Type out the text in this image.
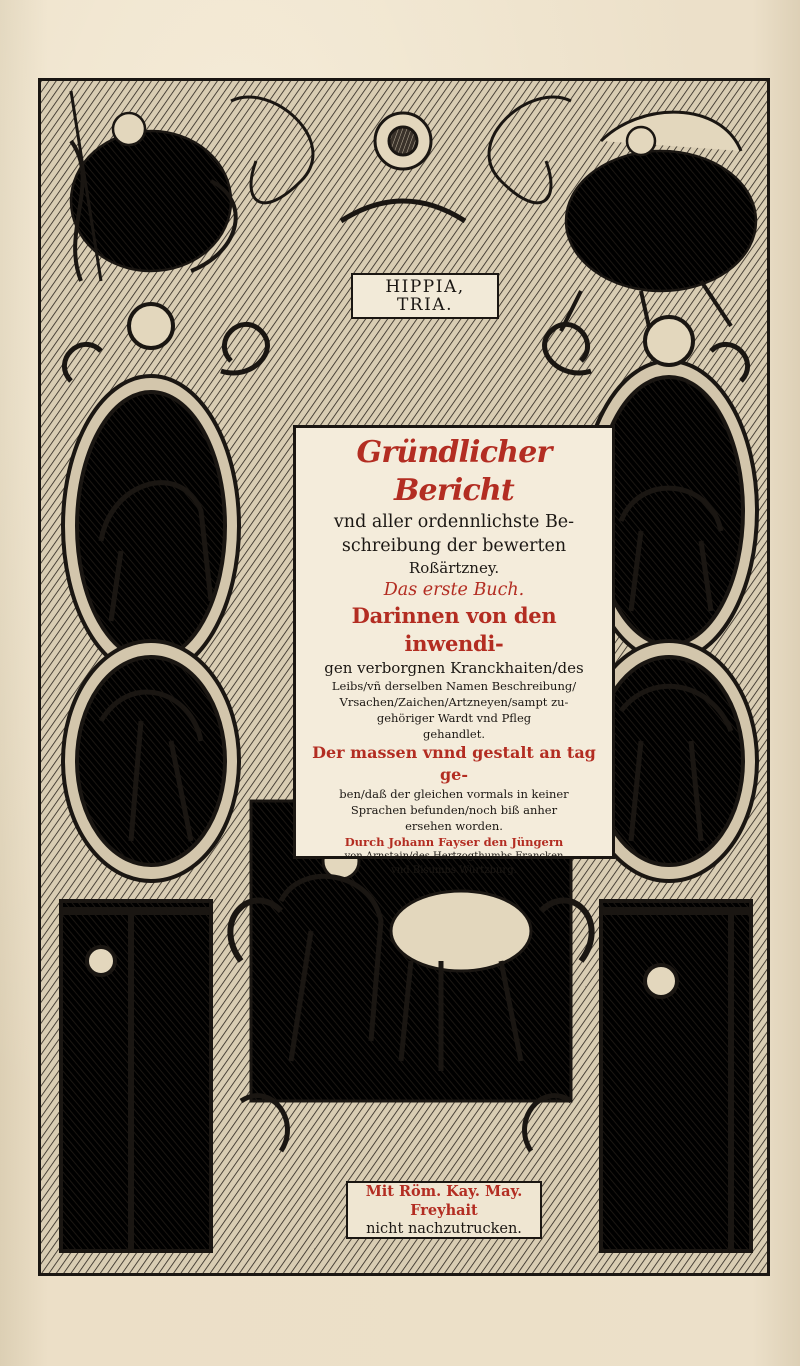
HIPPIA,
TRIA.
Gründlicher Bericht
vnd aller ordennlichste Be-
schreibung der bewerten
Roßärtzney.
Das erste Buch.
Darinnen von den inwendi-
gen verborgnen Kranckhaiten/des
Leibs/vñ derselben Namen Beschreibung/
Vrsachen/Zaichen/Artzneyen/sampt zu-
gehöriger Wardt vnd Pfleg
gehandlet.
Der massen vnnd gestalt an tag ge-
ben/daß der gleichen vormals in keiner
Sprachen befunden/noch biß anher
ersehen worden.
Durch Johann Fayser den Jüngern
von Arnstain/des Hertzogthumbs Francken
vnd Bisumbs Würtzburg.
Mit Röm. Kay. May. Freyhait
nicht nachzutrucken.
